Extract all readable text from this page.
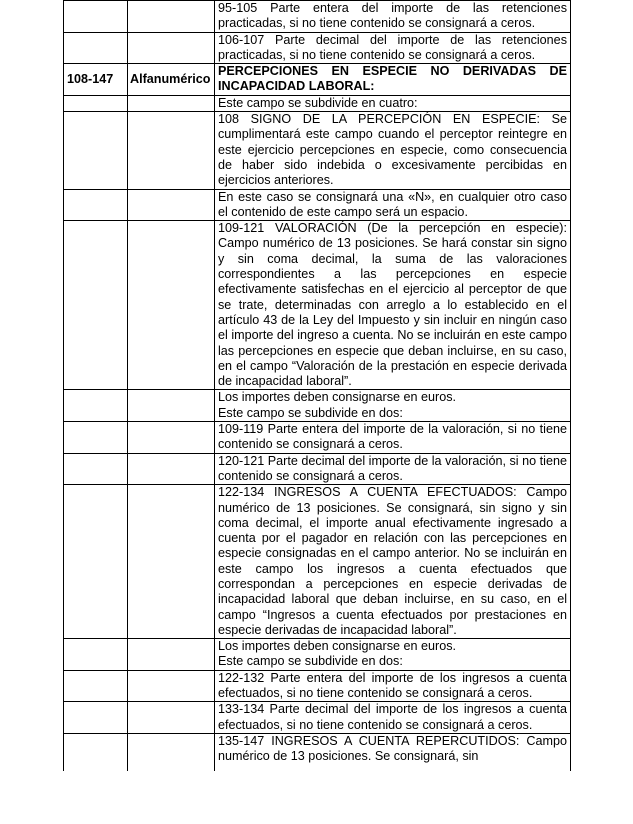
		95-105 Parte entera del importe de las retenciones practicadas, si no tiene contenido se consignará a ceros.

		106-107 Parte decimal del importe de las retenciones practicadas, si no tiene contenido se consignará a ceros.

108-147	Alfanumérico	PERCEPCIONES EN ESPECIE NO DERIVADAS DE INCAPACIDAD LABORAL:

		Este campo se subdivide en cuatro:

		108 SIGNO DE LA PERCEPCIÓN EN ESPECIE: Se cumplimentará este campo cuando el perceptor reintegre en este ejercicio percepciones en especie, como consecuencia de haber sido indebida o excesivamente percibidas en ejercicios anteriores.

		En este caso se consignará una «N», en cualquier otro caso el contenido de este campo será un espacio.

		109-121 VALORACIÓN (De la percepción en especie): Campo numérico de 13 posiciones. Se hará constar sin signo y sin coma decimal, la suma de las valoraciones correspondientes a las percepciones en especie efectivamente satisfechas en el ejercicio al perceptor de que se trate, determinadas con arreglo a lo establecido en el artículo 43 de la Ley del Impuesto y sin incluir en ningún caso el importe del ingreso a cuenta. No se incluirán en este campo las percepciones en especie que deban incluirse, en su caso, en el campo “Valoración de la prestación en especie derivada de incapacidad laboral”.

		Los importes deben consignarse en euros.
Este campo se subdivide en dos:

		109-119 Parte entera del importe de la valoración, si no tiene contenido se consignará a ceros.

		120-121 Parte decimal del importe de la valoración, si no tiene contenido se consignará a ceros.

		122-134 INGRESOS A CUENTA EFECTUADOS: Campo numérico de 13 posiciones. Se consignará, sin signo y sin coma decimal, el importe anual efectivamente ingresado a cuenta por el pagador en relación con las percepciones en especie consignadas en el campo anterior. No se incluirán en este campo los ingresos a cuenta efectuados que correspondan a percepciones en especie derivadas de incapacidad laboral que deban incluirse, en su caso, en el campo “Ingresos a cuenta efectuados por prestaciones en especie derivadas de incapacidad laboral”.

		Los importes deben consignarse en euros.
Este campo se subdivide en dos:

		122-132 Parte entera del importe de los ingresos a cuenta efectuados, si no tiene contenido se consignará a ceros.

		133-134 Parte decimal del importe de los ingresos a cuenta efectuados, si no tiene contenido se consignará a ceros.

		135-147 INGRESOS A CUENTA REPERCUTIDOS: Campo numérico de 13 posiciones. Se consignará, sin
